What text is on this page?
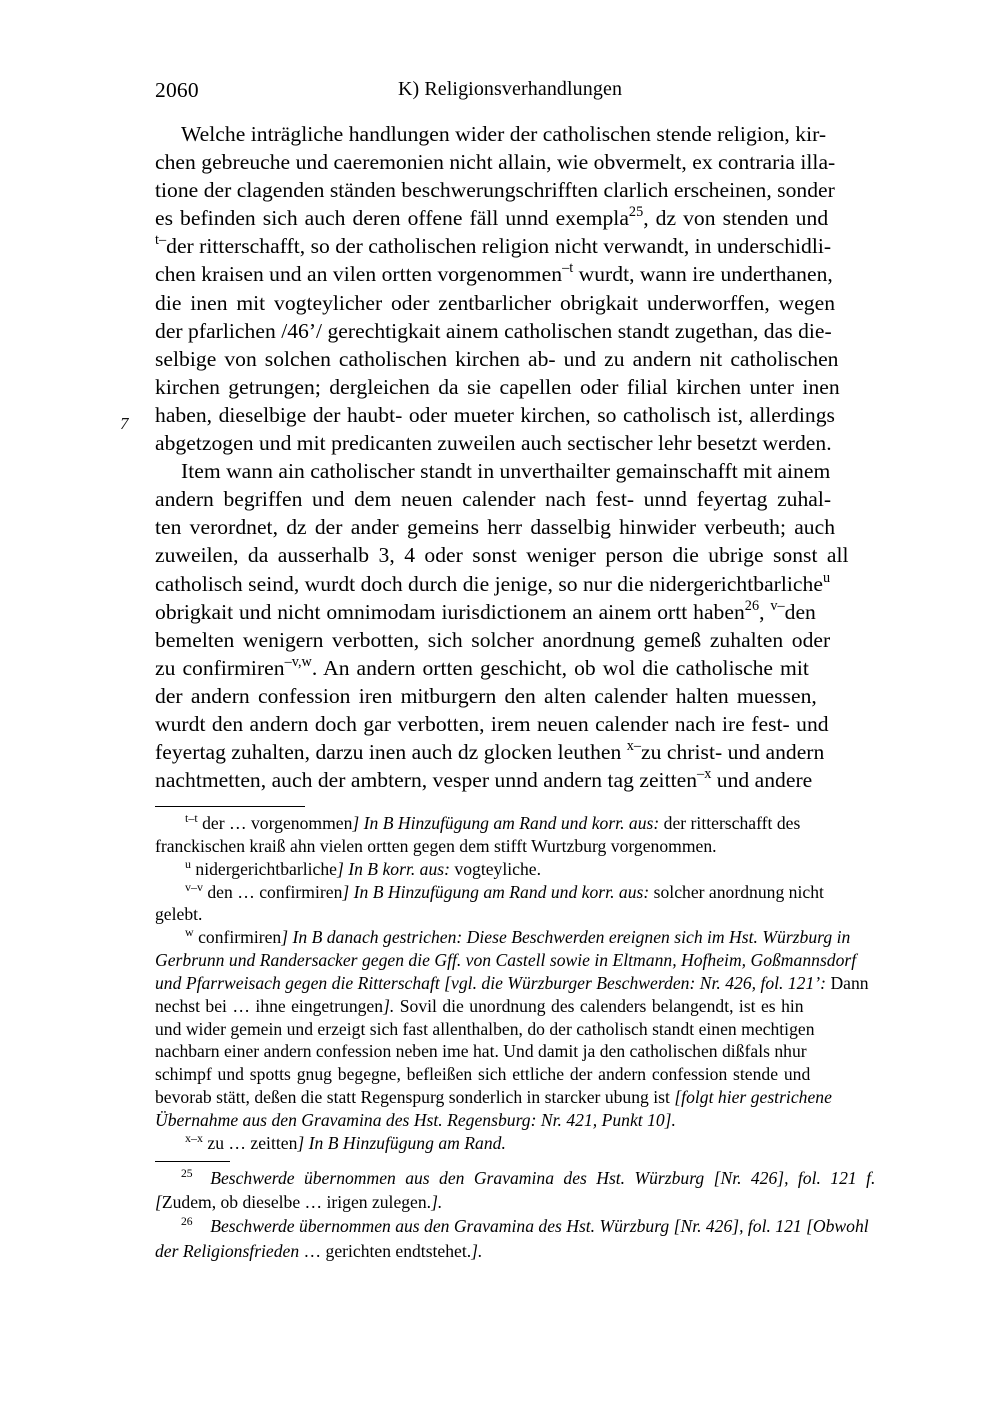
2060	K) Religionsverhandlungen
7
Welche inträgliche handlungen wider der catholischen stende religion, kir-
chen gebreuche und caeremonien nicht allain, wie obvermelt, ex contraria illa-
tione der clagenden ständen beschwerungschrifften clarlich erscheinen, sonder
es befinden sich auch deren offene fäll unnd exempla$^{25}$, dz von stenden und
$^{t-}$der ritterschafft, so der catholischen religion nicht verwandt, in underschidli-
chen kraisen und an vilen ortten vorgenommen$^{-t}$ wurdt, wann ire underthanen,
die inen mit vogteylicher oder zentbarlicher obrigkait underworffen, wegen
der pfarlichen /46’/ gerechtigkait ainem catholischen standt zugethan, das die-
selbige von solchen catholischen kirchen ab- und zu andern nit catholischen
kirchen getrungen; dergleichen da sie capellen oder filial kirchen unter inen
haben, dieselbige der haubt- oder mueter kirchen, so catholisch ist, allerdings
abgetzogen und mit predicanten zuweilen auch sectischer lehr besetzt werden.
Item wann ain catholischer standt in unverthailter gemainschafft mit ainem
andern begriffen und dem neuen calender nach fest- unnd feyertag zuhal-
ten verordnet, dz der ander gemeins herr dasselbig hinwider verbeuth; auch
zuweilen, da ausserhalb 3, 4 oder sonst weniger person die ubrige sonst all
catholisch seind, wurdt doch durch die jenige, so nur die nidergerichtbarliche$^u$
obrigkait und nicht omnimodam iurisdictionem an ainem ortt haben$^{26}$, $^{v-}$den
bemelten wenigern verbotten, sich solcher anordnung gemeß zuhalten oder
zu confirmiren$^{-v,w}$. An andern ortten geschicht, ob wol die catholische mit
der andern confession iren mitburgern den alten calender halten muessen,
wurdt den andern doch gar verbotten, irem neuen calender nach ire fest- und
feyertag zuhalten, darzu inen auch dz glocken leuthen $^{x-}$zu christ- und andern
nachtmetten, auch der ambtern, vesper unnd andern tag zeitten$^{-x}$ und andere
$^{t-t}$ der … vorgenommen] In B Hinzufügung am Rand und korr. aus: der ritterschafft des
franckischen kraiß ahn vielen ortten gegen dem stifft Wurtzburg vorgenommen.
$^u$ nidergerichtbarliche] In B korr. aus: vogteyliche.
$^{v-v}$ den … confirmiren] In B Hinzufügung am Rand und korr. aus: solcher anordnung nicht
gelebt.
$^w$ confirmiren] In B danach gestrichen: Diese Beschwerden ereignen sich im Hst. Würzburg in
Gerbrunn und Randersacker gegen die Gff. von Castell sowie in Eltmann, Hofheim, Goßmannsdorf
und Pfarrweisach gegen die Ritterschaft [vgl. die Würzburger Beschwerden: Nr. 426, fol. 121’: Dann
nechst bei … ihne eingetrungen]. Sovil die unordnung des calenders belangendt, ist es hin
und wider gemein und erzeigt sich fast allenthalben, do der catholisch standt einen mechtigen
nachbarn einer andern confession neben ime hat. Und damit ja den catholischen dißfals nhur
schimpf und spotts gnug begegne, befleißen sich ettliche der andern confession stende und
bevorab stätt, deßen die statt Regenspurg sonderlich in starcker ubung ist [folgt hier gestrichene
Übernahme aus den Gravamina des Hst. Regensburg: Nr. 421, Punkt 10].
$^{x-x}$ zu … zeitten] In B Hinzufügung am Rand.
$^{25}$   Beschwerde übernommen aus den Gravamina des Hst. Würzburg [Nr. 426], fol. 121 f.
[Zudem, ob dieselbe … irigen zulegen.].
$^{26}$   Beschwerde übernommen aus den Gravamina des Hst. Würzburg [Nr. 426], fol. 121 [Obwohl
der Religionsfrieden … gerichten endtstehet.].
